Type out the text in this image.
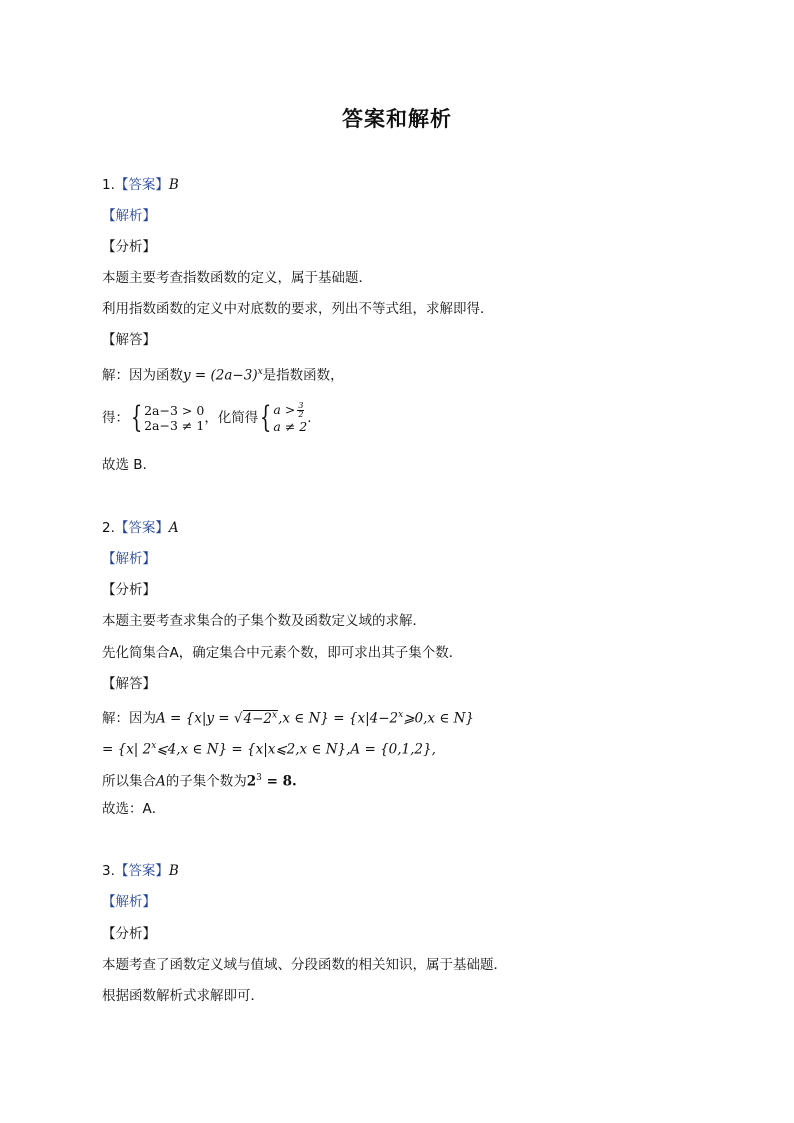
答案和解析
1.【答案】B
【解析】
【分析】
本题主要考查指数函数的定义，属于基础题．
利用指数函数的定义中对底数的要求，列出不等式组，求解即得．
【解答】
解：因为函数$y = (2a-3)^x$是指数函数，
得：{ 2a−3 > 0
2a−3 ≠ 1，化简得{ $a > \frac{3}{2}$

a ≠ 2.
故选 B.
2.【答案】A
【解析】
【分析】
本题主要考查求集合的子集个数及函数定义域的求解．
先化简集合A，确定集合中元素个数，即可求出其子集个数．
【解答】
解：因为$A = \{x|y = √4-2^x,x$ ∈ $N\} = \{x|4-2^x⩾0,x$ ∈ N}
= {x| 2$^x$⩽4,x ∈ N} = {x|x⩽2,x ∈ N},A = {0,1,2},
所以集合A的子集个数为$2^3 = 8$.
故选：A．
3.【答案】B
【解析】
【分析】
本题考查了函数定义域与值域、分段函数的相关知识，属于基础题．
根据函数解析式求解即可．
